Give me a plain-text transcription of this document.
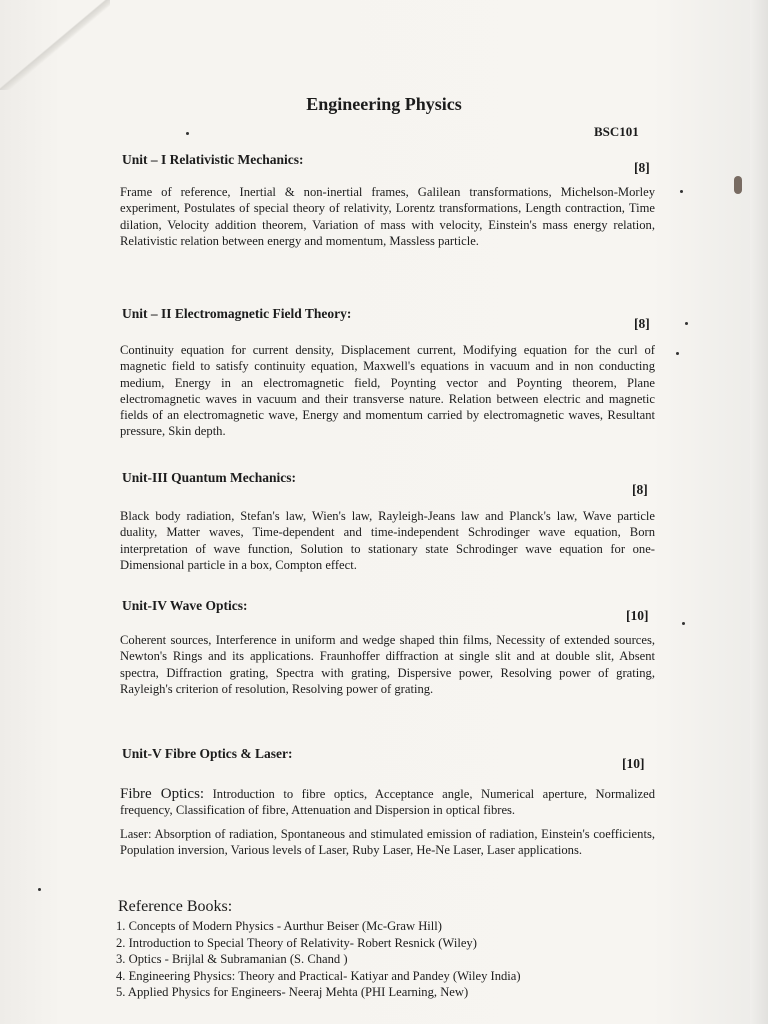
Engineering Physics
BSC101
Unit – I Relativistic Mechanics:
[8]
Frame of reference, Inertial & non-inertial frames, Galilean transformations, Michelson-Morley experiment, Postulates of special theory of relativity, Lorentz transformations, Length contraction, Time dilation, Velocity addition theorem, Variation of mass with velocity, Einstein's mass energy relation, Relativistic relation between energy and momentum, Massless particle.
Unit – II Electromagnetic Field Theory:
[8]
Continuity equation for current density, Displacement current, Modifying equation for the curl of magnetic field to satisfy continuity equation, Maxwell's equations in vacuum and in non conducting medium, Energy in an electromagnetic field, Poynting vector and Poynting theorem, Plane electromagnetic waves in vacuum and their transverse nature. Relation between electric and magnetic fields of an electromagnetic wave, Energy and momentum carried by electromagnetic waves, Resultant pressure, Skin depth.
Unit-III Quantum Mechanics:
[8]
Black body radiation, Stefan's law, Wien's law, Rayleigh-Jeans law and Planck's law, Wave particle duality, Matter waves, Time-dependent and time-independent Schrodinger wave equation, Born interpretation of wave function, Solution to stationary state Schrodinger wave equation for one-Dimensional particle in a box, Compton effect.
Unit-IV Wave Optics:
[10]
Coherent sources, Interference in uniform and wedge shaped thin films, Necessity of extended sources, Newton's Rings and its applications. Fraunhoffer diffraction at single slit and at double slit, Absent spectra, Diffraction grating, Spectra with grating, Dispersive power, Resolving power of grating, Rayleigh's criterion of resolution, Resolving power of grating.
Unit-V Fibre Optics & Laser:
[10]
Fibre Optics: Introduction to fibre optics, Acceptance angle, Numerical aperture, Normalized frequency, Classification of fibre, Attenuation and Dispersion in optical fibres.
Laser: Absorption of radiation, Spontaneous and stimulated emission of radiation, Einstein's coefficients, Population inversion, Various levels of Laser, Ruby Laser, He-Ne Laser, Laser applications.
Reference Books:
1. Concepts of Modern Physics - Aurthur Beiser (Mc-Graw Hill)
2. Introduction to Special Theory of Relativity- Robert Resnick (Wiley)
3. Optics - Brijlal & Subramanian (S. Chand )
4. Engineering Physics: Theory and Practical- Katiyar and Pandey (Wiley India)
5. Applied Physics for Engineers- Neeraj Mehta (PHI Learning, New)
